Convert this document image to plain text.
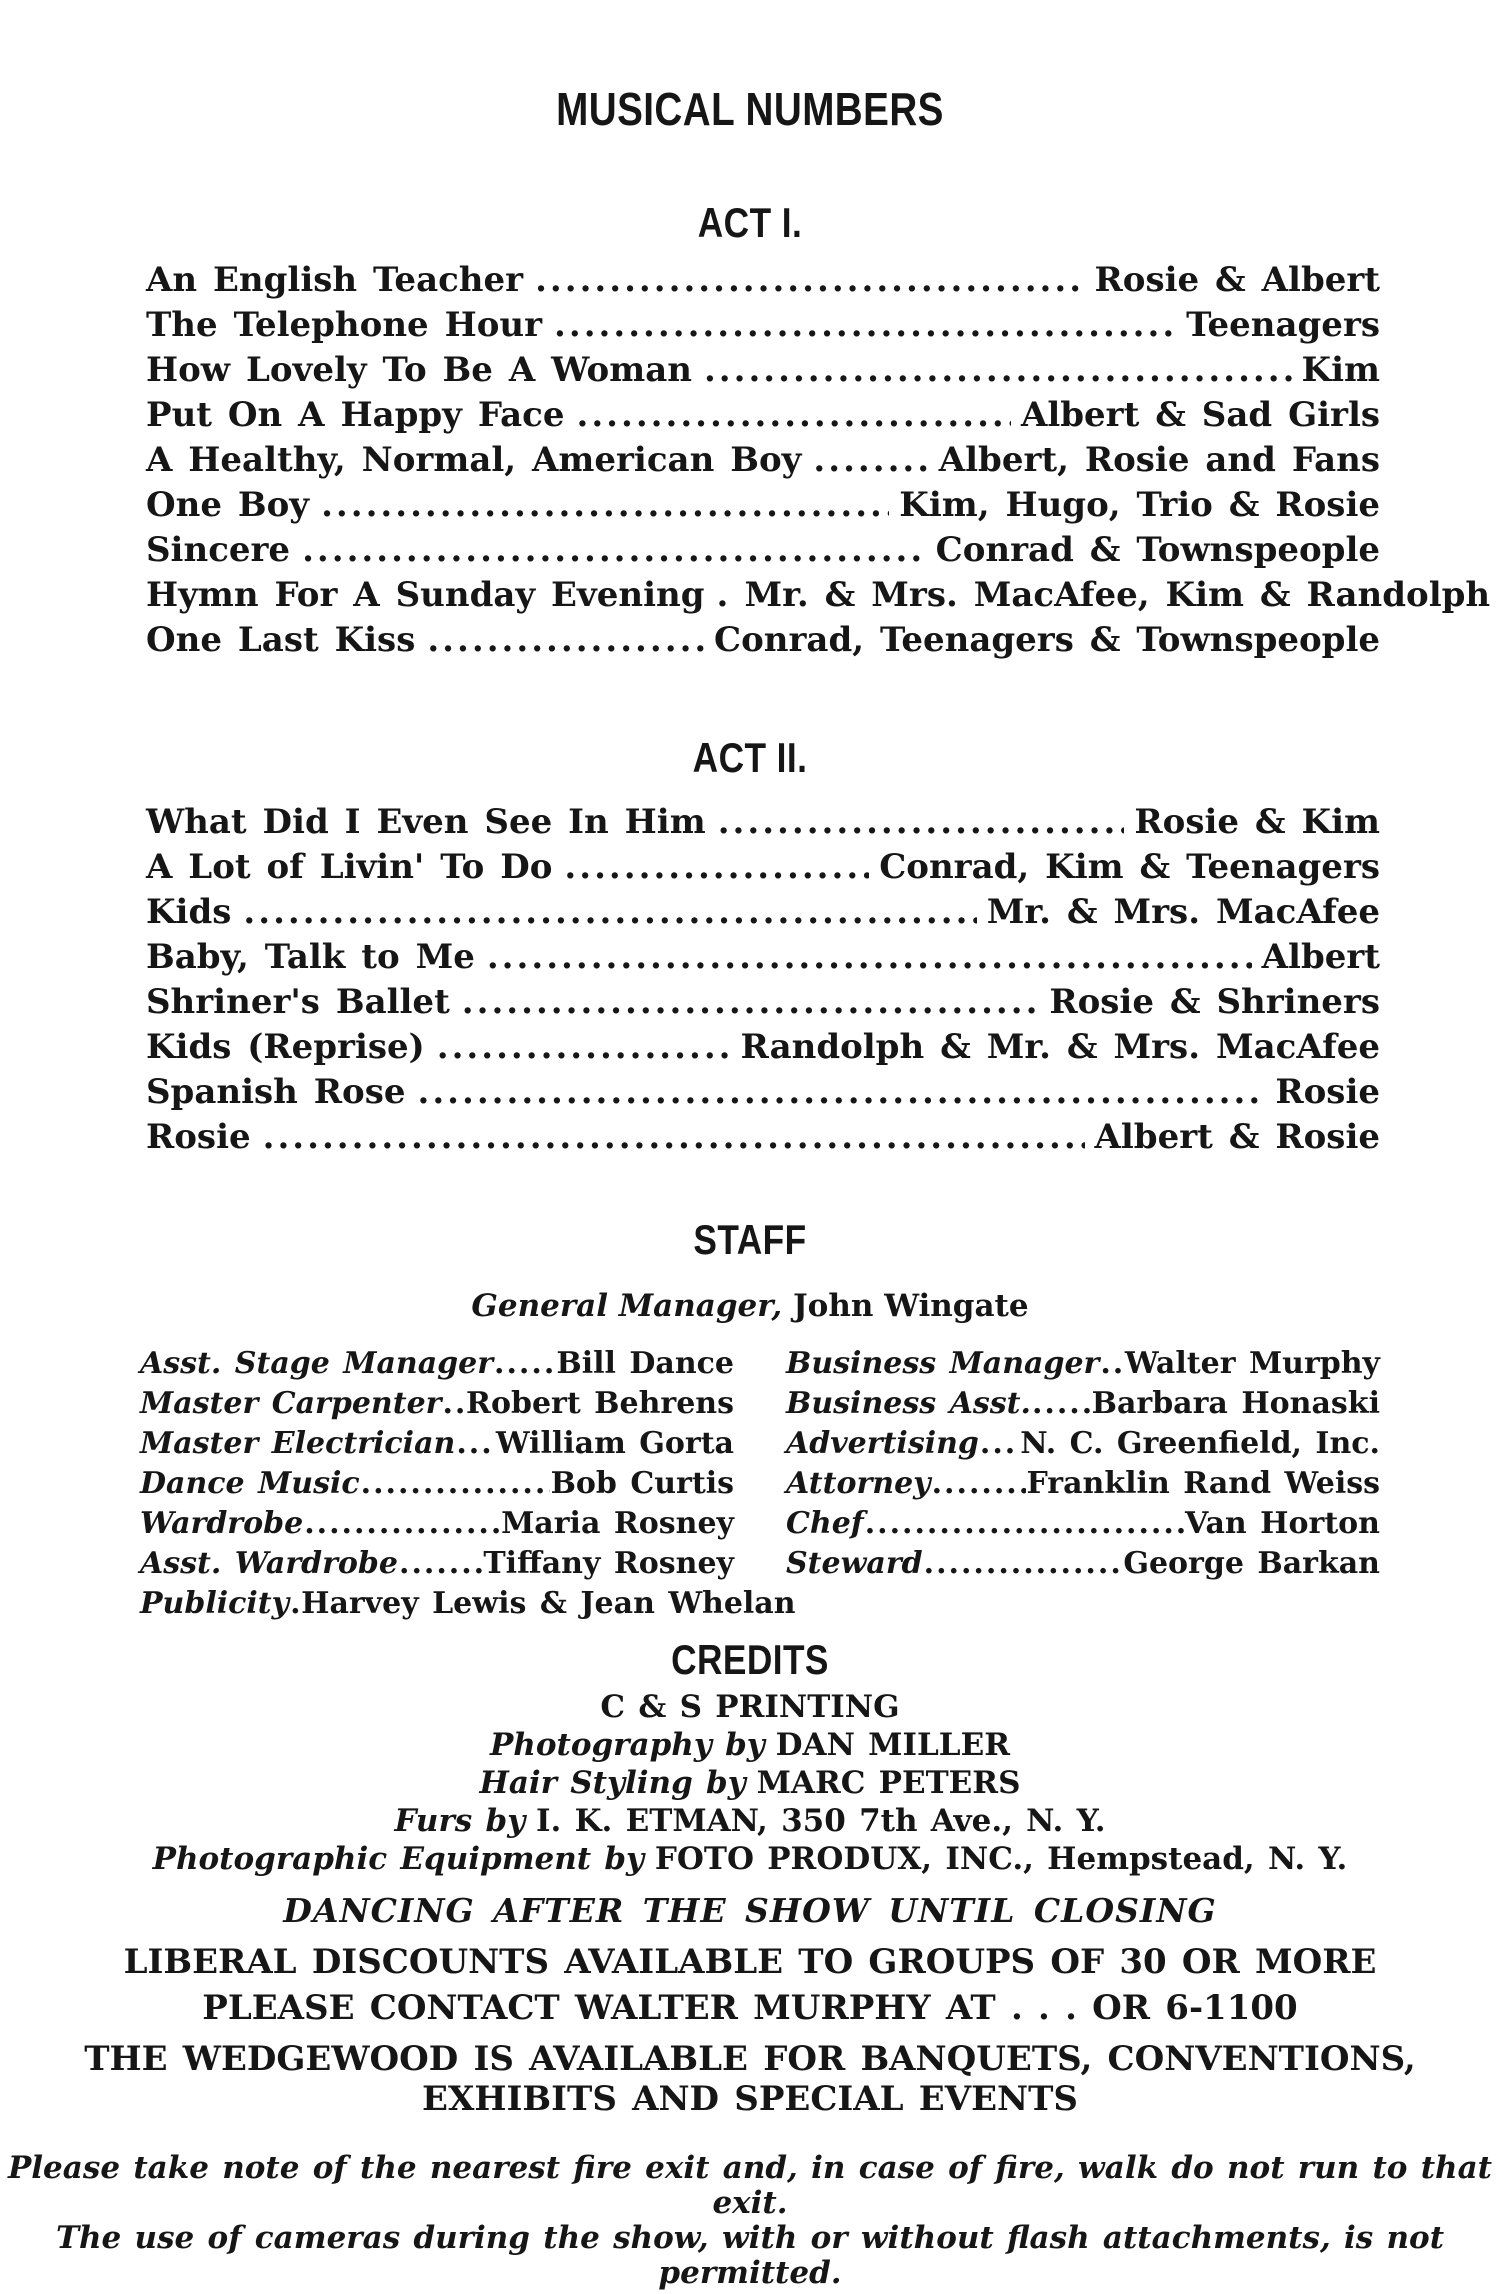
MUSICAL NUMBERS
ACT I.
An English Teacher .....	Rosie & Albert
The Telephone Hour .....	Teenagers
How Lovely To Be A Woman .....	Kim
Put On A Happy Face .....	Albert & Sad Girls
A Healthy, Normal, American Boy .....	Albert, Rosie and Fans
One Boy .....	Kim, Hugo, Trio & Rosie
Sincere .....	Conrad & Townspeople
Hymn For A Sunday Evening ..... Mr. & Mrs. MacAfee, Kim & Randolph
One Last Kiss .....	Conrad, Teenagers & Townspeople
ACT II.
What Did I Even See In Him .....	Rosie & Kim
A Lot of Livin' To Do .....	Conrad, Kim & Teenagers
Kids .....	Mr. & Mrs. MacAfee
Baby, Talk to Me .....	Albert
Shriner's Ballet .....	Rosie & Shriners
Kids (Reprise) .....	Randolph & Mr. & Mrs. MacAfee
Spanish Rose .....	Rosie
Rosie .....	Albert & Rosie
STAFF
General Manager, John Wingate
Asst. Stage Manager ..... Bill Dance
Master Carpenter ..... Robert Behrens
Master Electrician ..... William Gorta
Dance Music .....	Bob Curtis
Wardrobe .....	Maria Rosney
Asst. Wardrobe .....	Tiffany Rosney
Publicity ..... Harvey Lewis & Jean Whelan
Business Manager ..... Walter Murphy
Business Asst. ..... Barbara Honaski
Advertising ..... N. C. Greenfield, Inc.
Attorney .....	Franklin Rand Weiss
Chef .....	Van Horton
Steward .....	George Barkan
CREDITS
C & S PRINTING
Photography by DAN MILLER
Hair Styling by MARC PETERS
Furs by I. K. ETMAN, 350 7th Ave., N. Y.
Photographic Equipment by FOTO PRODUX, INC., Hempstead, N. Y.
DANCING AFTER THE SHOW UNTIL CLOSING
LIBERAL DISCOUNTS AVAILABLE TO GROUPS OF 30 OR MORE
PLEASE CONTACT WALTER MURPHY AT . . . OR 6-1100
THE WEDGEWOOD IS AVAILABLE FOR BANQUETS, CONVENTIONS,
EXHIBITS AND SPECIAL EVENTS
Please take note of the nearest fire exit and, in case of fire, walk do not run to that exit.
The use of cameras during the show, with or without flash attachments, is not permitted.
